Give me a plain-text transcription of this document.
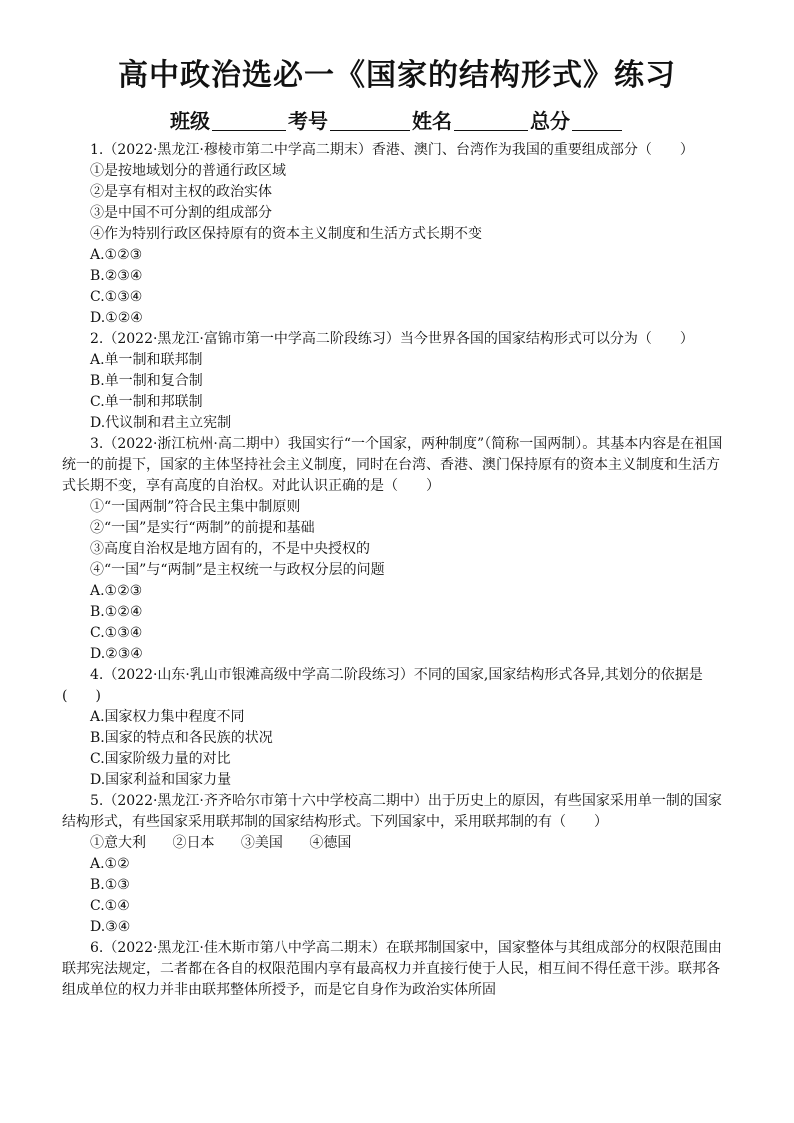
高中政治选必一《国家的结构形式》练习
班级	考号	姓名	总分

1.（2022·黑龙江·穆棱市第二中学高二期末）香港、澳门、台湾作为我国的重要组成部分（　　）

①是按地域划分的普通行政区域

②是享有相对主权的政治实体

③是中国不可分割的组成部分

④作为特别行政区保持原有的资本主义制度和生活方式长期不变

A.①②③

B.②③④

C.①③④

D.①②④

2.（2022·黑龙江·富锦市第一中学高二阶段练习）当今世界各国的国家结构形式可以分为（　　）

A.单一制和联邦制

B.单一制和复合制

C.单一制和邦联制

D.代议制和君主立宪制

3.（2022·浙江杭州·高二期中）我国实行“一个国家，两种制度”（简称一国两制）。其基本内容是在祖国统一的前提下，国家的主体坚持社会主义制度，同时在台湾、香港、澳门保持原有的资本主义制度和生活方式长期不变，享有高度的自治权。对此认识正确的是（　　）

①“一国两制”符合民主集中制原则

②“一国”是实行“两制”的前提和基础

③高度自治权是地方固有的，不是中央授权的

④“一国”与“两制”是主权统一与政权分层的问题

A.①②③

B.①②④

C.①③④

D.②③④

4.（2022·山东·乳山市银滩高级中学高二阶段练习）不同的国家,国家结构形式各异,其划分的依据是(　　)

A.国家权力集中程度不同

B.国家的特点和各民族的状况

C.国家阶级力量的对比

D.国家利益和国家力量

5.（2022·黑龙江·齐齐哈尔市第十六中学校高二期中）出于历史上的原因，有些国家采用单一制的国家结构形式，有些国家采用联邦制的国家结构形式。下列国家中，采用联邦制的有（　　）

①意大利 ②日本 ③美国 ④德国

A.①②

B.①③

C.①④

D.③④

6.（2022·黑龙江·佳木斯市第八中学高二期末）在联邦制国家中，国家整体与其组成部分的权限范围由联邦宪法规定，二者都在各自的权限范围内享有最高权力并直接行使于人民，相互间不得任意干涉。联邦各组成单位的权力并非由联邦整体所授予，而是它自身作为政治实体所固
